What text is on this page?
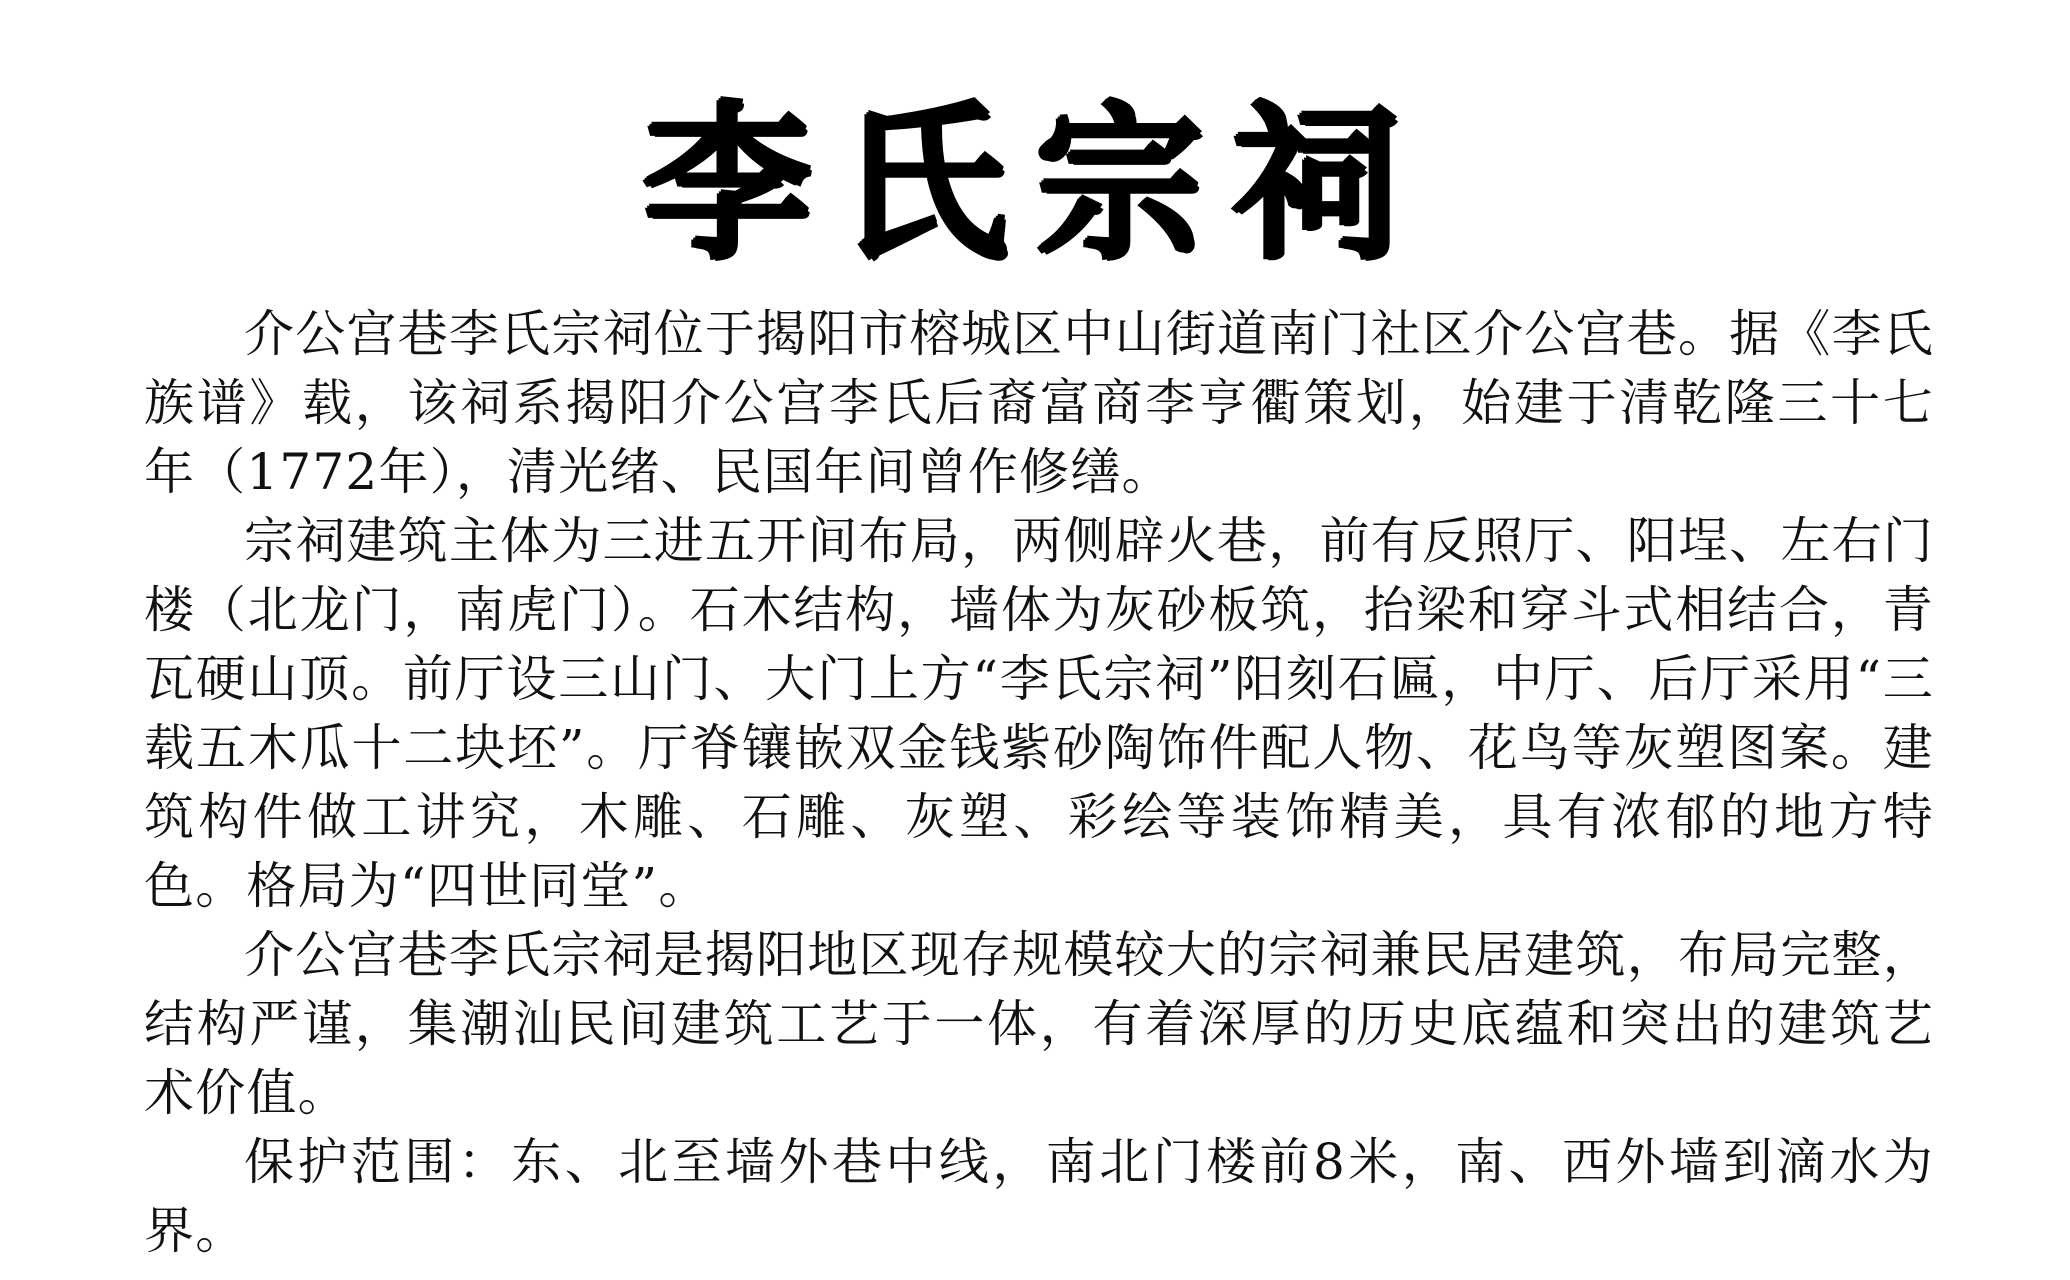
李氏宗祠

介公宫巷李氏宗祠位于揭阳市榕城区中山街道南门社区介公宫巷。据《李氏族谱》载，该祠系揭阳介公宫李氏后裔富商李亨衢策划，始建于清乾隆三十七年（1772年），清光绪、民国年间曾作修缮。

宗祠建筑主体为三进五开间布局，两侧辟火巷，前有反照厅、阳埕、左右门楼（北龙门，南虎门）。石木结构，墙体为灰砂板筑，抬梁和穿斗式相结合，青瓦硬山顶。前厅设三山门、大门上方“李氏宗祠”阳刻石匾，中厅、后厅采用“三载五木瓜十二块坯”。厅脊镶嵌双金钱紫砂陶饰件配人物、花鸟等灰塑图案。建筑构件做工讲究，木雕、石雕、灰塑、彩绘等装饰精美，具有浓郁的地方特色。格局为“四世同堂”。

介公宫巷李氏宗祠是揭阳地区现存规模较大的宗祠兼民居建筑，布局完整，结构严谨，集潮汕民间建筑工艺于一体，有着深厚的历史底蕴和突出的建筑艺术价值。

保护范围：东、北至墙外巷中线，南北门楼前8米，南、西外墙到滴水为界。
